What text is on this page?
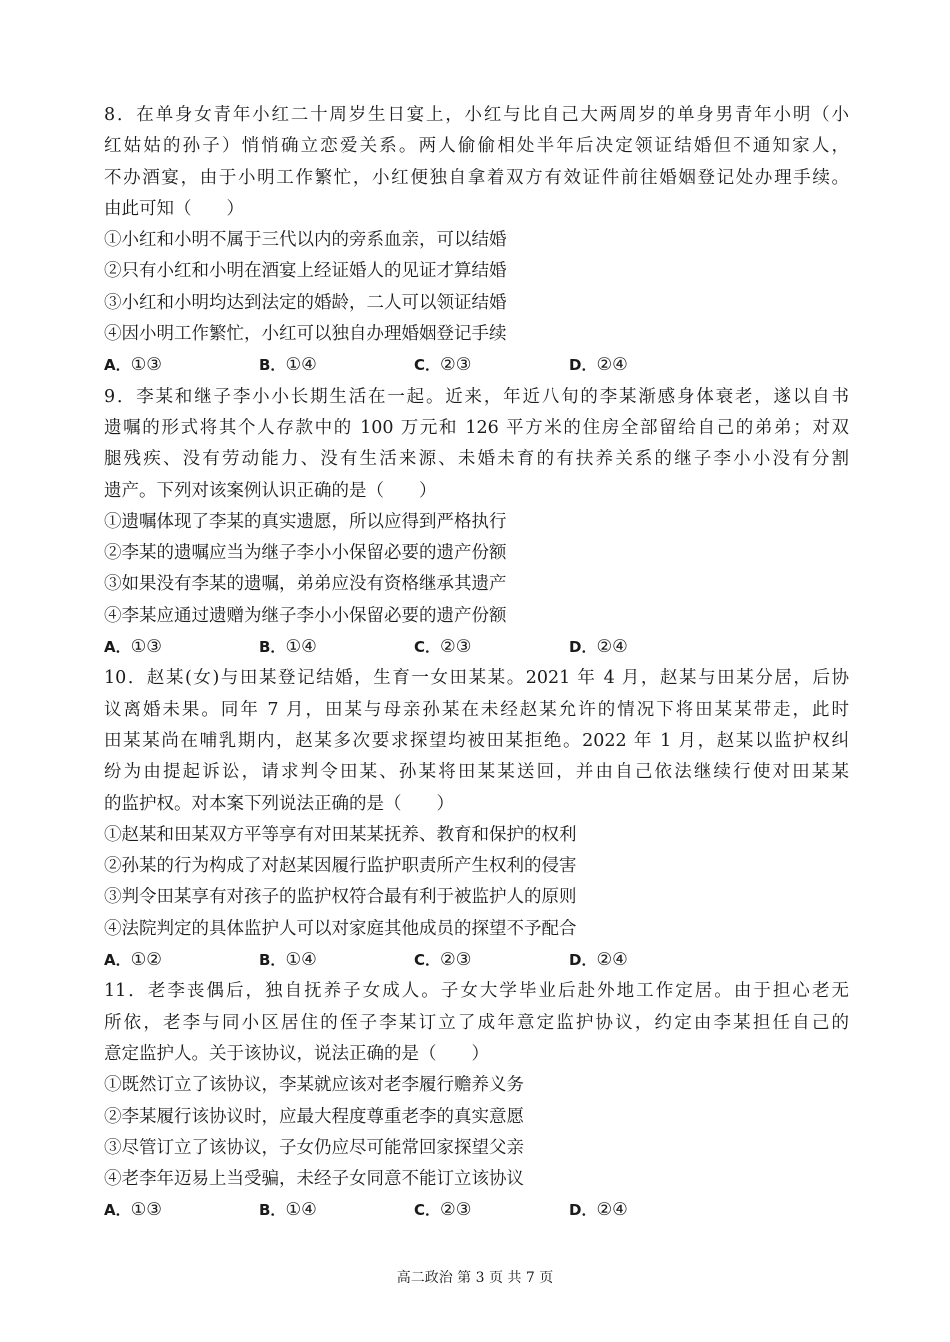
8．在单身女青年小红二十周岁生日宴上，小红与比自己大两周岁的单身男青年小明（小
红姑姑的孙子）悄悄确立恋爱关系。两人偷偷相处半年后决定领证结婚但不通知家人，
不办酒宴，由于小明工作繁忙，小红便独自拿着双方有效证件前往婚姻登记处办理手续。
由此可知（　　）
①小红和小明不属于三代以内的旁系血亲，可以结婚
②只有小红和小明在酒宴上经证婚人的见证才算结婚
③小红和小明均达到法定的婚龄，二人可以领证结婚
④因小明工作繁忙，小红可以独自办理婚姻登记手续
A．①③	B．①④	C．②③	D．②④
9．李某和继子李小小长期生活在一起。近来，年近八旬的李某渐感身体衰老，遂以自书
遗嘱的形式将其个人存款中的 100 万元和 126 平方米的住房全部留给自己的弟弟；对双
腿残疾、没有劳动能力、没有生活来源、未婚未育的有扶养关系的继子李小小没有分割
遗产。下列对该案例认识正确的是（　　）
①遗嘱体现了李某的真实遗愿，所以应得到严格执行
②李某的遗嘱应当为继子李小小保留必要的遗产份额
③如果没有李某的遗嘱，弟弟应没有资格继承其遗产
④李某应通过遗赠为继子李小小保留必要的遗产份额
A．①③	B．①④	C．②③	D．②④
10．赵某(女)与田某登记结婚，生育一女田某某。2021 年 4 月，赵某与田某分居，后协
议离婚未果。同年 7 月，田某与母亲孙某在未经赵某允许的情况下将田某某带走，此时
田某某尚在哺乳期内，赵某多次要求探望均被田某拒绝。2022 年 1 月，赵某以监护权纠
纷为由提起诉讼，请求判令田某、孙某将田某某送回，并由自己依法继续行使对田某某
的监护权。对本案下列说法正确的是（　　）
①赵某和田某双方平等享有对田某某抚养、教育和保护的权利
②孙某的行为构成了对赵某因履行监护职责所产生权利的侵害
③判令田某享有对孩子的监护权符合最有利于被监护人的原则
④法院判定的具体监护人可以对家庭其他成员的探望不予配合
A．①②	B．①④	C．②③	D．②④
11．老李丧偶后，独自抚养子女成人。子女大学毕业后赴外地工作定居。由于担心老无
所依，老李与同小区居住的侄子李某订立了成年意定监护协议，约定由李某担任自己的
意定监护人。关于该协议，说法正确的是（　　）
①既然订立了该协议，李某就应该对老李履行赡养义务
②李某履行该协议时，应最大程度尊重老李的真实意愿
③尽管订立了该协议，子女仍应尽可能常回家探望父亲
④老李年迈易上当受骗，未经子女同意不能订立该协议
A．①③	B．①④	C．②③	D．②④
高二政治 第 3 页 共 7 页
